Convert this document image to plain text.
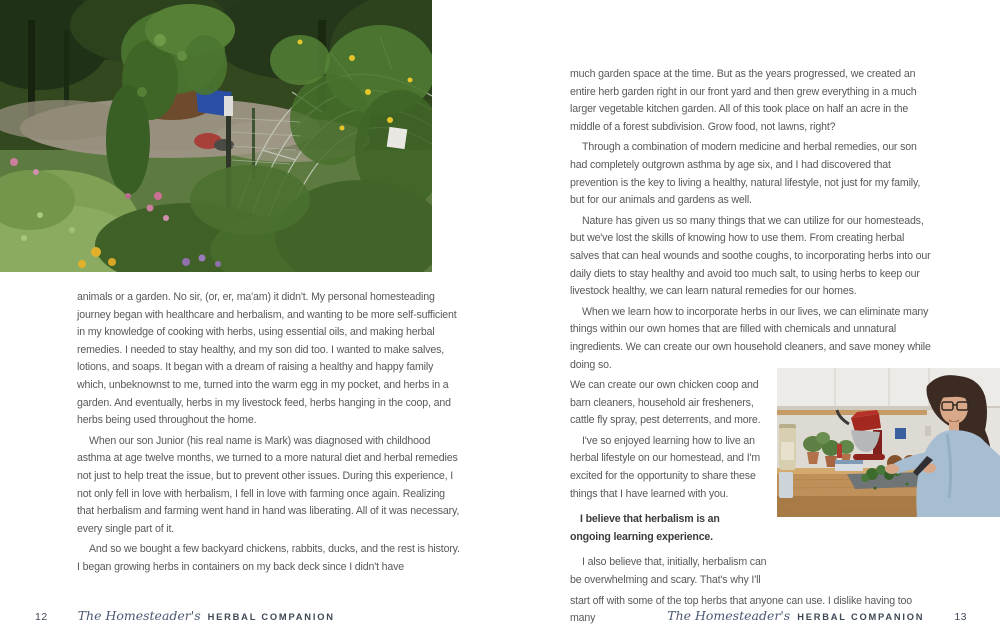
animals or a garden. No sir, (or, er, ma'am) it didn't. My personal homesteading journey began with healthcare and herbalism, and wanting to be more self-sufficient in my knowledge of cooking with herbs, using essential oils, and making herbal remedies. I needed to stay healthy, and my son did too. I wanted to make salves, lotions, and soaps. It began with a dream of raising a healthy and happy family which, unbeknownst to me, turned into the warm egg in my pocket, and herbs in a garden. And eventually, herbs in my livestock feed, herbs hanging in the coop, and herbs being used throughout the home.

When our son Junior (his real name is Mark) was diagnosed with childhood asthma at age twelve months, we turned to a more natural diet and herbal remedies not just to help treat the issue, but to prevent other issues. During this experience, I not only fell in love with herbalism, I fell in love with farming once again. Realizing that herbalism and farming went hand in hand was liberating. All of it was necessary, every single part of it.

And so we bought a few backyard chickens, rabbits, ducks, and the rest is history. I began growing herbs in containers on my back deck since I didn't have

much garden space at the time. But as the years progressed, we created an entire herb garden right in our front yard and then grew everything in a much larger vegetable kitchen garden. All of this took place on half an acre in the middle of a forest subdivision. Grow food, not lawns, right?

Through a combination of modern medicine and herbal remedies, our son had completely outgrown asthma by age six, and I had discovered that prevention is the key to living a healthy, natural lifestyle, not just for my family, but for our animals and gardens as well.

Nature has given us so many things that we can utilize for our homesteads, but we've lost the skills of knowing how to use them. From creating herbal salves that can heal wounds and soothe coughs, to incorporating herbs into our daily diets to stay healthy and avoid too much salt, to using herbs to keep our livestock healthy, we can learn natural remedies for our homes.

When we learn how to incorporate herbs in our lives, we can eliminate many things within our own homes that are filled with chemicals and unnatural ingredients. We can create our own household cleaners, and save money while doing so.

We can create our own chicken coop and barn cleaners, household air fresheners, cattle fly spray, pest deterrents, and more.

I've so enjoyed learning how to live an herbal lifestyle on our homestead, and I'm excited for the opportunity to share these things that I have learned with you.

I believe that herbalism is an ongoing learning experience.

I also believe that, initially, herbalism can be overwhelming and scary. That's why I'll

start off with some of the top herbs that anyone can use. I dislike having too many

12 The Homesteader's HERBAL COMPANION	The Homesteader's HERBAL COMPANION	13
